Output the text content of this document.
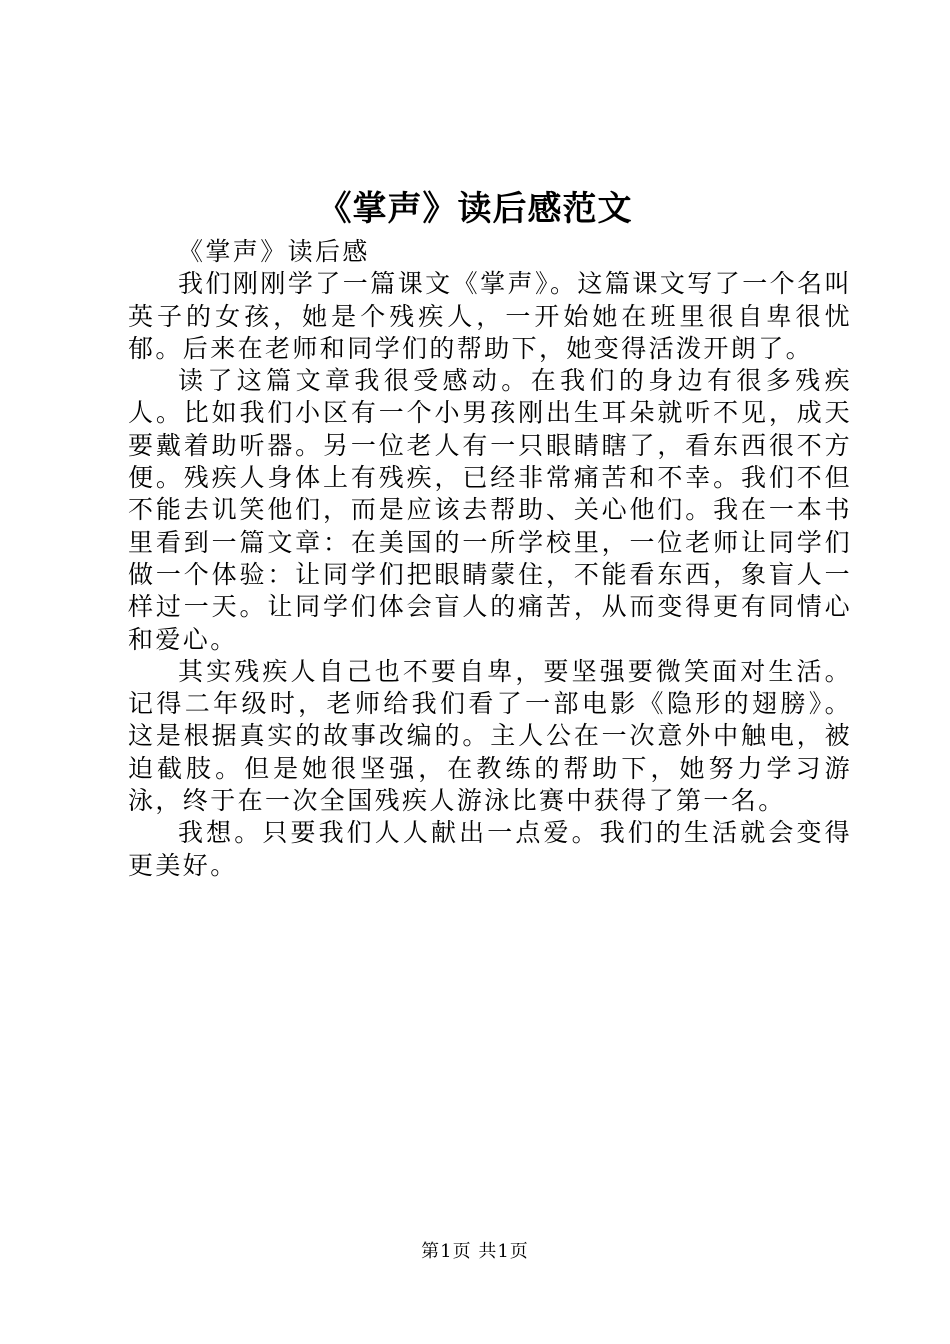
《掌声》读后感范文

《掌声》读后感

我们刚刚学了一篇课文《掌声》。这篇课文写了一个名叫英子的女孩，她是个残疾人，一开始她在班里很自卑很忧郁。后来在老师和同学们的帮助下，她变得活泼开朗了。

读了这篇文章我很受感动。在我们的身边有很多残疾人。比如我们小区有一个小男孩刚出生耳朵就听不见，成天要戴着助听器。另一位老人有一只眼睛瞎了，看东西很不方便。残疾人身体上有残疾，已经非常痛苦和不幸。我们不但不能去讥笑他们，而是应该去帮助、关心他们。我在一本书里看到一篇文章：在美国的一所学校里，一位老师让同学们做一个体验：让同学们把眼睛蒙住，不能看东西，象盲人一样过一天。让同学们体会盲人的痛苦，从而变得更有同情心和爱心。

其实残疾人自己也不要自卑，要坚强要微笑面对生活。记得二年级时，老师给我们看了一部电影《隐形的翅膀》。这是根据真实的故事改编的。主人公在一次意外中触电，被迫截肢。但是她很坚强，在教练的帮助下，她努力学习游泳，终于在一次全国残疾人游泳比赛中获得了第一名。

我想。只要我们人人献出一点爱。我们的生活就会变得更美好。

第1页 共1页
